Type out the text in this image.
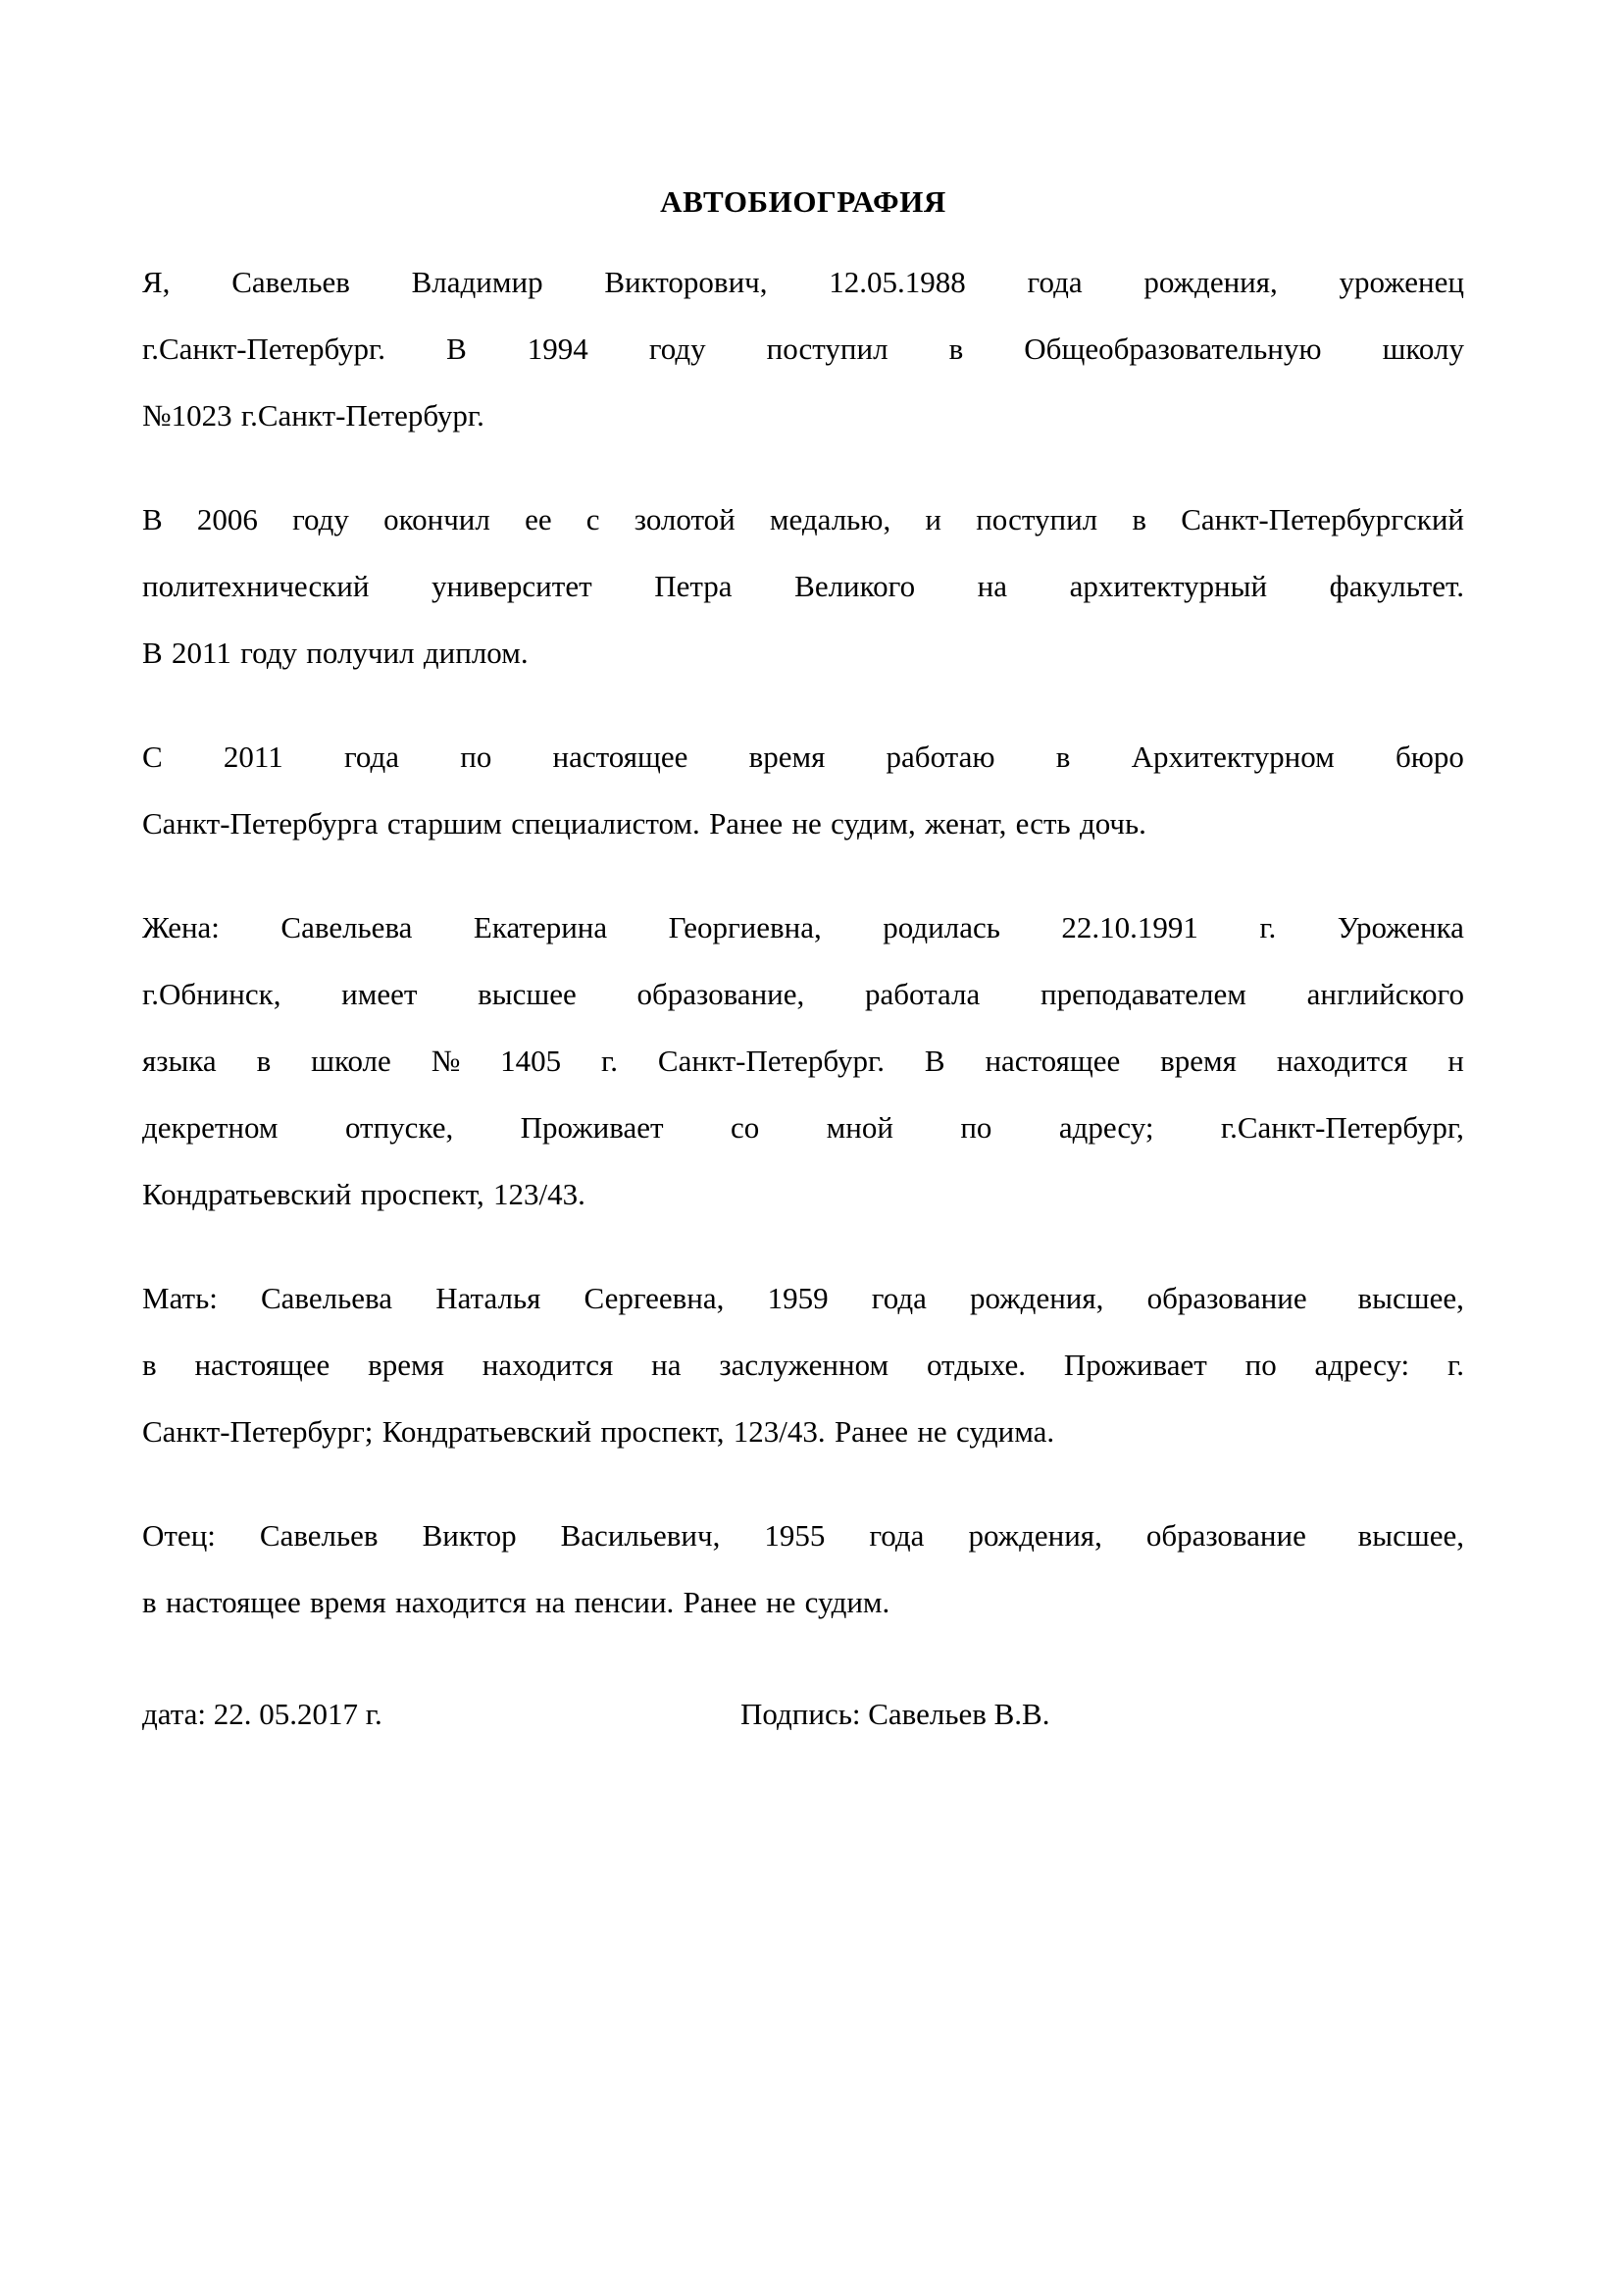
АВТОБИОГРАФИЯ
Я, Савельев Владимир Викторович, 12.05.1988 года рождения, уроженец
г.Санкт-Петербург. В 1994 году поступил в Общеобразовательную школу
№1023 г.Санкт-Петербург.
В 2006 году окончил ее с золотой медалью, и поступил в Санкт-Петербургский
политехнический университет Петра Великого на архитектурный факультет.
В 2011 году получил диплом.
С 2011 года по настоящее время работаю в Архитектурном бюро
Санкт-Петербурга старшим специалистом. Ранее не судим, женат, есть дочь.
Жена: Савельева Екатерина Георгиевна, родилась 22.10.1991 г. Уроженка
г.Обнинск, имеет высшее образование, работала преподавателем английского
языка в школе № 1405 г. Санкт-Петербург. В настоящее время находится н
декретном отпуске, Проживает со мной по адресу; г.Санкт-Петербург,
Кондратьевский проспект, 123/43.
Мать: Савельева Наталья Сергеевна, 1959 года рождения, образование высшее,
в настоящее время находится на заслуженном отдыхе. Проживает по адресу: г.
Санкт-Петербург; Кондратьевский проспект, 123/43. Ранее не судима.
Отец: Савельев Виктор Васильевич, 1955 года рождения, образование высшее,
в настоящее время находится на пенсии. Ранее не судим.
дата: 22. 05.2017 г.	Подпись: Савельев В.В.
